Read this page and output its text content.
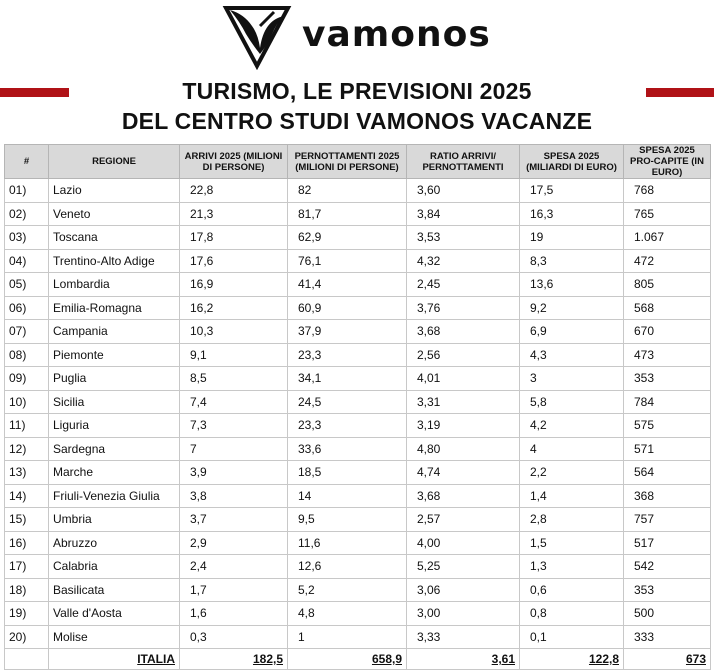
vamonos
TURISMO, LE PREVISIONI 2025
DEL CENTRO STUDI VAMONOS VACANZE
#	REGIONE	ARRIVI 2025 (MILIONI DI PERSONE)	PERNOTTAMENTI 2025 (MILIONI DI PERSONE)	RATIO ARRIVI/ PERNOTTAMENTI	SPESA 2025 (MILIARDI DI EURO)	SPESA 2025 PRO-CAPITE (IN EURO)
01)	Lazio	22,8	82	3,60	17,5	768
02)	Veneto	21,3	81,7	3,84	16,3	765
03)	Toscana	17,8	62,9	3,53	19	1.067
04)	Trentino-Alto Adige	17,6	76,1	4,32	8,3	472
05)	Lombardia	16,9	41,4	2,45	13,6	805
06)	Emilia-Romagna	16,2	60,9	3,76	9,2	568
07)	Campania	10,3	37,9	3,68	6,9	670
08)	Piemonte	9,1	23,3	2,56	4,3	473
09)	Puglia	8,5	34,1	4,01	3	353
10)	Sicilia	7,4	24,5	3,31	5,8	784
11)	Liguria	7,3	23,3	3,19	4,2	575
12)	Sardegna	7	33,6	4,80	4	571
13)	Marche	3,9	18,5	4,74	2,2	564
14)	Friuli-Venezia Giulia	3,8	14	3,68	1,4	368
15)	Umbria	3,7	9,5	2,57	2,8	757
16)	Abruzzo	2,9	11,6	4,00	1,5	517
17)	Calabria	2,4	12,6	5,25	1,3	542
18)	Basilicata	1,7	5,2	3,06	0,6	353
19)	Valle d'Aosta	1,6	4,8	3,00	0,8	500
20)	Molise	0,3	1	3,33	0,1	333
	ITALIA	182,5	658,9	3,61	122,8	673
